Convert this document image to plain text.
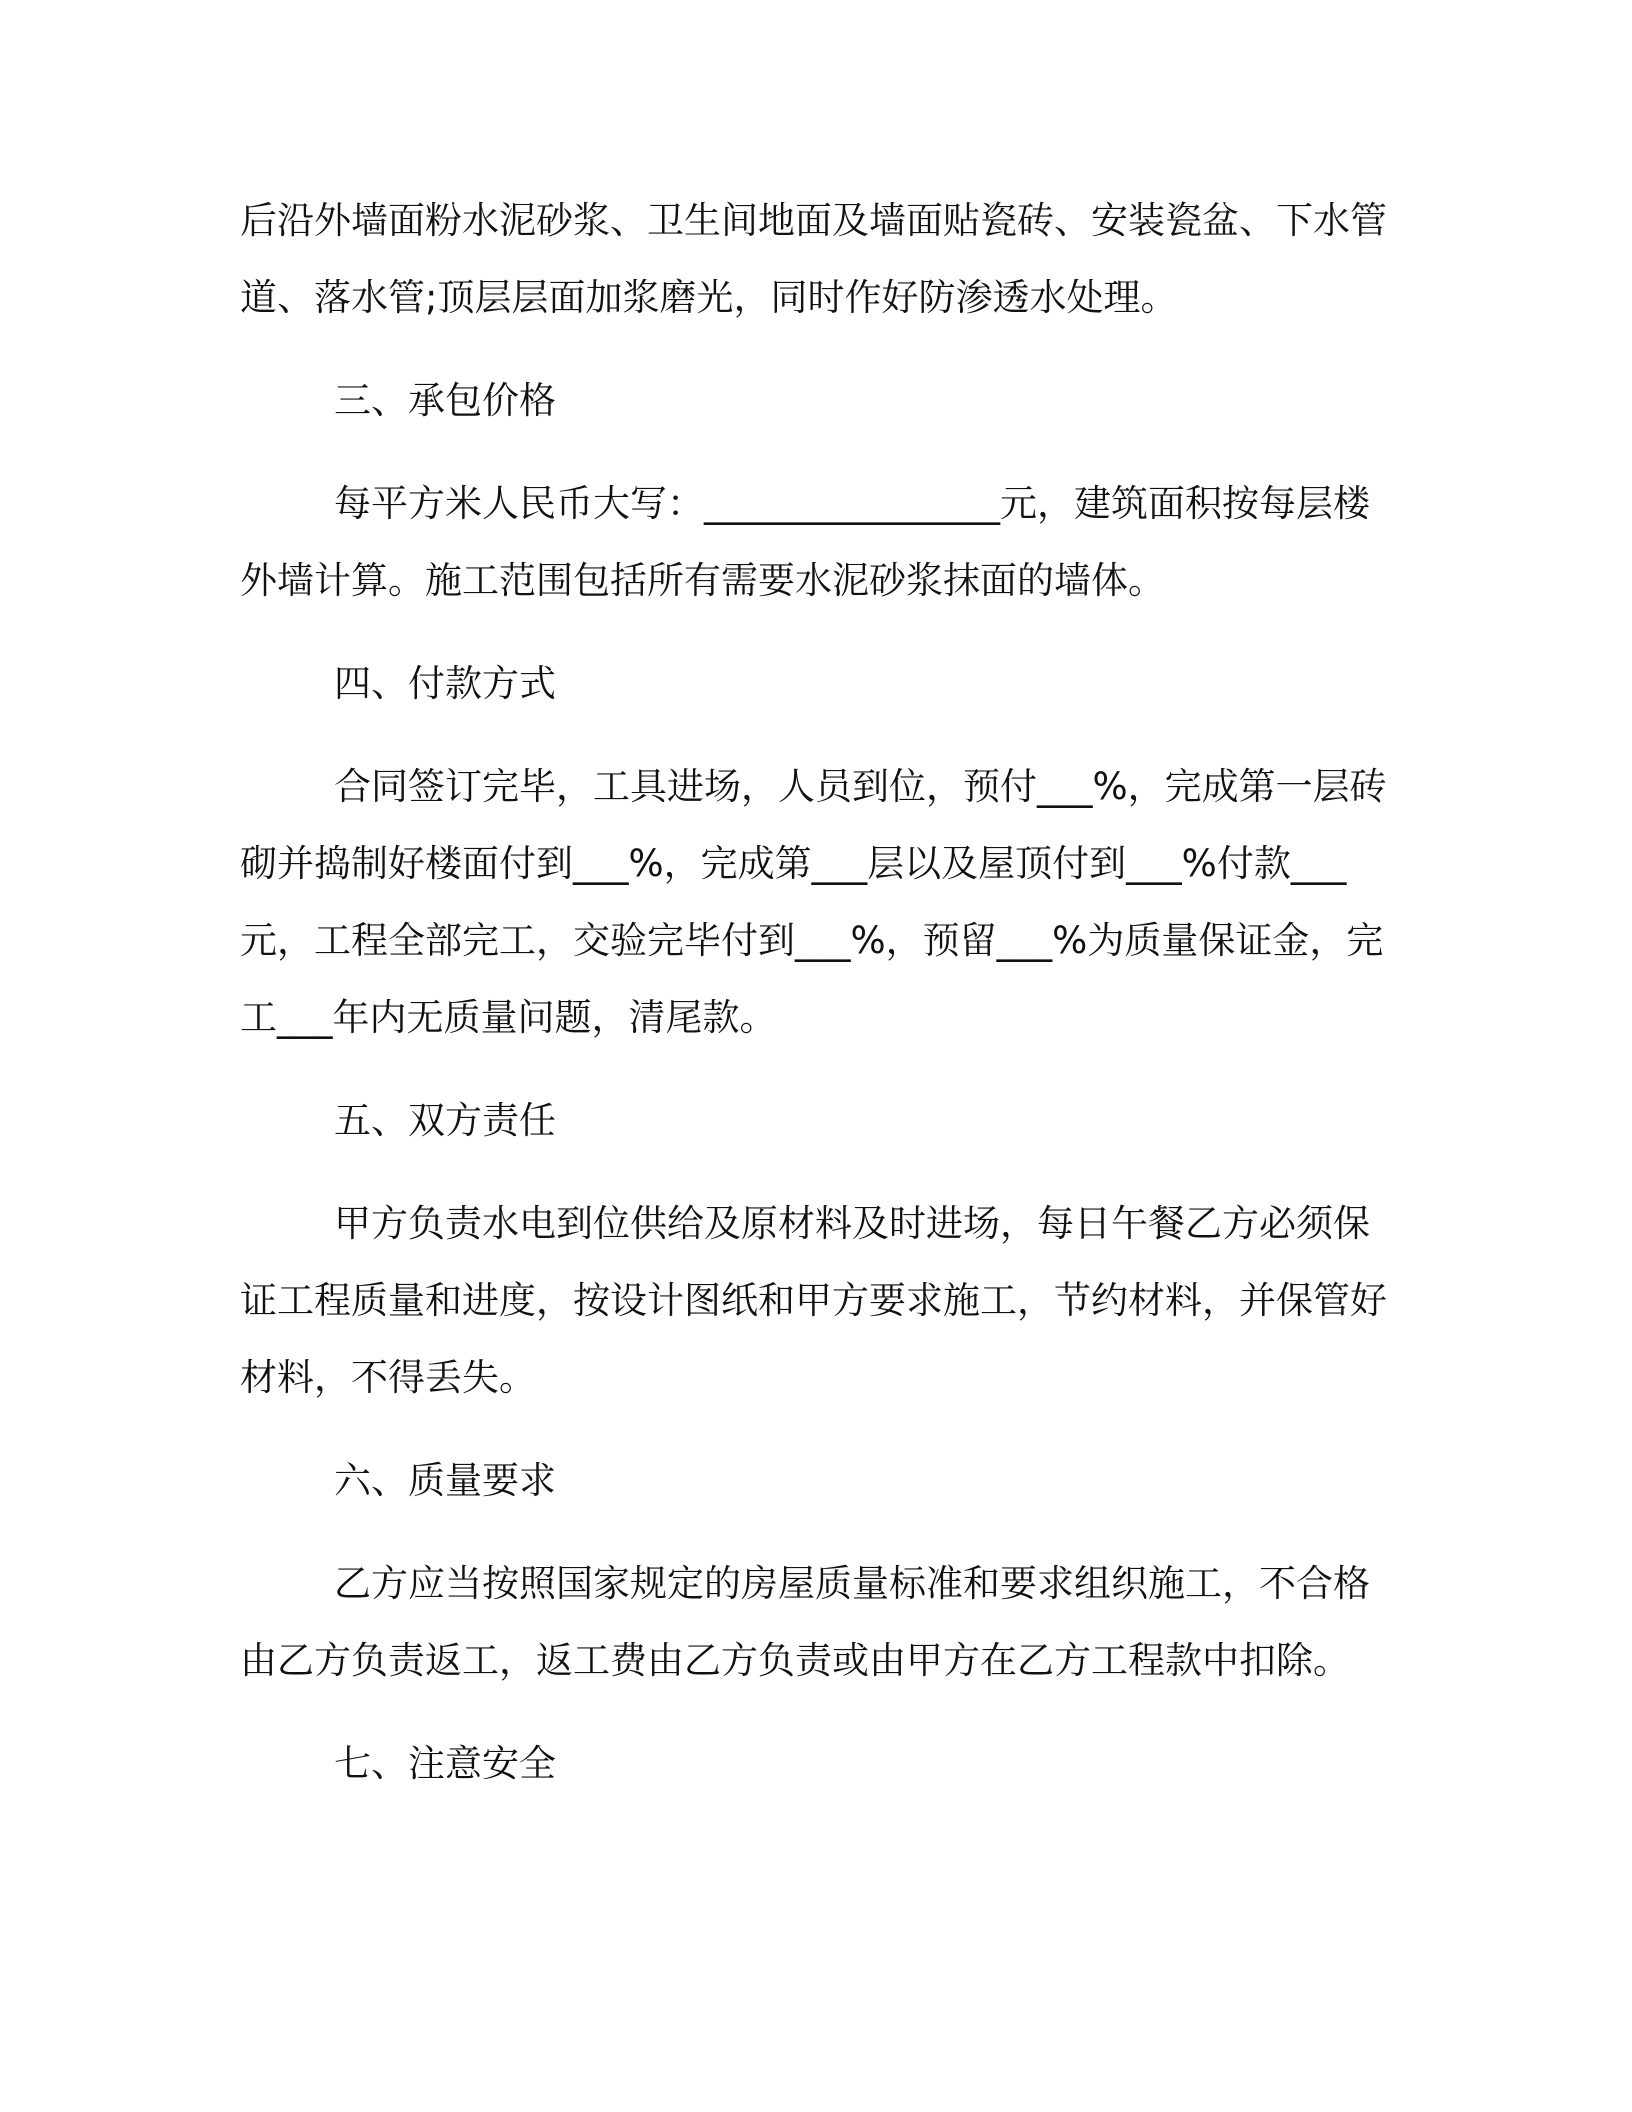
后沿外墙面粉水泥砂浆、卫生间地面及墙面贴瓷砖、安装瓷盆、下水管道、落水管;顶层层面加浆磨光，同时作好防渗透水处理。

三、承包价格

每平方米人民币大写：________________元，建筑面积按每层楼外墙计算。施工范围包括所有需要水泥砂浆抹面的墙体。

四、付款方式

合同签订完毕，工具进场，人员到位，预付___%，完成第一层砖砌并捣制好楼面付到___%，完成第___层以及屋顶付到___%付款___元，工程全部完工，交验完毕付到___%，预留___%为质量保证金，完工___年内无质量问题，清尾款。

五、双方责任

甲方负责水电到位供给及原材料及时进场，每日午餐乙方必须保证工程质量和进度，按设计图纸和甲方要求施工，节约材料，并保管好材料，不得丢失。

六、质量要求

乙方应当按照国家规定的房屋质量标准和要求组织施工，不合格由乙方负责返工，返工费由乙方负责或由甲方在乙方工程款中扣除。

七、注意安全
